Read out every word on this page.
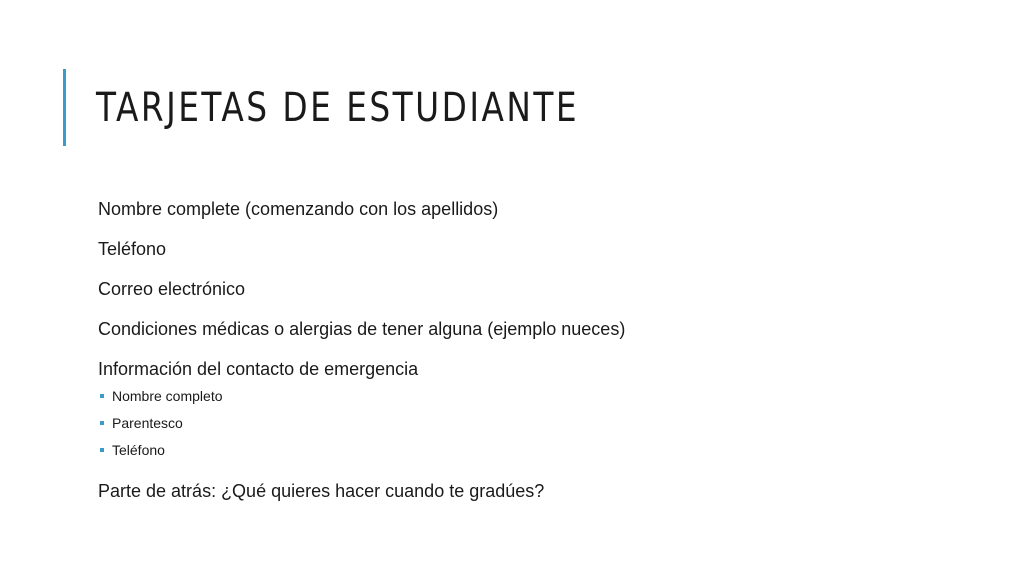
TARJETAS DE ESTUDIANTE
Nombre complete (comenzando con los apellidos)
Teléfono
Correo electrónico
Condiciones médicas o alergias de tener alguna (ejemplo nueces)
Información del contacto de emergencia
Nombre completo
Parentesco
Teléfono
Parte de atrás: ¿Qué quieres hacer cuando te gradúes?
